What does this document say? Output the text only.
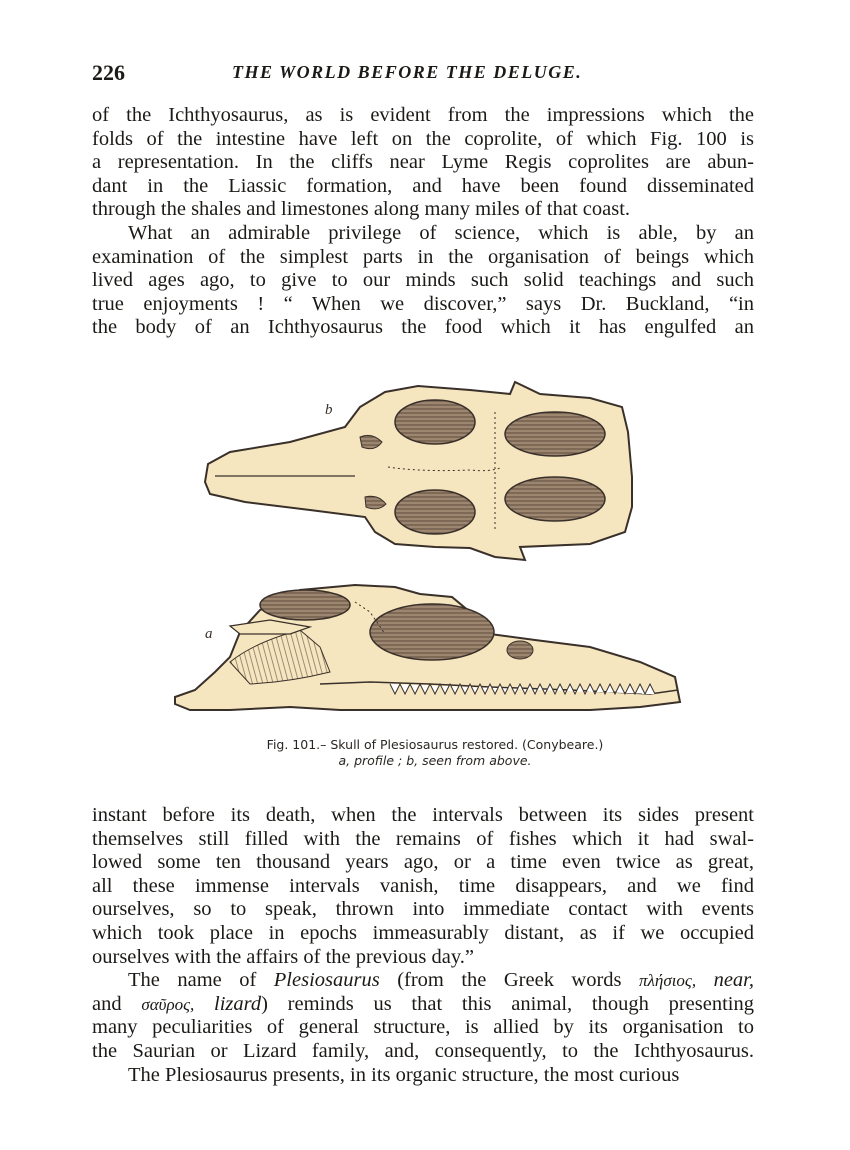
226	THE WORLD BEFORE THE DELUGE.
of the Ichthyosaurus, as is evident from the impressions which the
folds of the intestine have left on the coprolite, of which Fig. 100 is
a representation. In the cliffs near Lyme Regis coprolites are abun-
dant in the Liassic formation, and have been found disseminated
through the shales and limestones along many miles of that coast.
What an admirable privilege of science, which is able, by an
examination of the simplest parts in the organisation of beings which
lived ages ago, to give to our minds such solid teachings and such
true enjoyments ! “ When we discover,” says Dr. Buckland, “in
the body of an Ichthyosaurus the food which it has engulfed an
b
a
Fig. 101.– Skull of Plesiosaurus restored. (Conybeare.)
a, profile ; b, seen from above.
instant before its death, when the intervals between its sides present
themselves still filled with the remains of fishes which it had swal-
lowed some ten thousand years ago, or a time even twice as great,
all these immense intervals vanish, time disappears, and we find
ourselves, so to speak, thrown into immediate contact with events
which took place in epochs immeasurably distant, as if we occupied
ourselves with the affairs of the previous day.”
The name of Plesiosaurus (from the Greek words πλήσιος, near,
and σαῦρος, lizard) reminds us that this animal, though presenting
many peculiarities of general structure, is allied by its organisation to
the Saurian or Lizard family, and, consequently, to the Ichthyosaurus.
The Plesiosaurus presents, in its organic structure, the most curious
